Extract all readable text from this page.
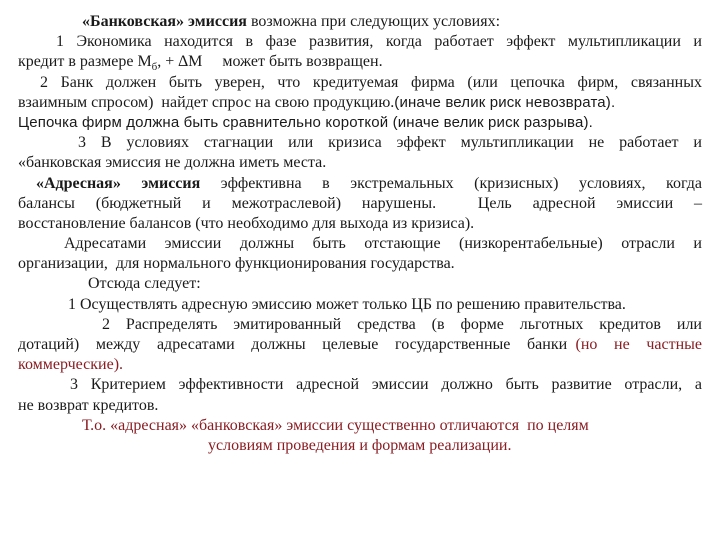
«Банковская» эмиссия возможна при следующих условиях:
1 Экономика находится в фазе развития, когда работает эффект мультипликации и
кредит в размере $М_б$, + ∆М     может быть возвращен.
2 Банк должен быть уверен, что кредитуемая фирма (или цепочка фирм, связанных
взаимным спросом)  найдет спрос на свою продукцию.(иначе велик риск невозврата).
Цепочка фирм должна быть сравнительно короткой (иначе велик риск разрыва).
3 В условиях стагнации или кризиса эффект мультипликации не работает и
«банковская эмиссия не должна иметь места.
«Адресная» эмиссия эффективна в экстремальных (кризисных) условиях, когда
балансы  (бюджетный  и  межотраслевой)  нарушены.    Цель  адресной  эмиссии  –
восстановление балансов (что необходимо для выхода из кризиса).
Адресатами эмиссии должны быть отстающие (низкорентабельные) отрасли и
организации,  для нормального функционирования государства.
Отсюда следует:
1 Осуществлять адресную эмиссию может только ЦБ по решению правительства.
2 Распределять эмитированный средства (в форме льготных кредитов или
дотаций)  между  адресатами  должны  целевые  государственные  банки (но  не  частные
коммерческие).
3 Критерием эффективности адресной эмиссии должно быть развитие отрасли, а
не возврат кредитов.
Т.о. «адресная» «банковская» эмиссии существенно отличаются  по целям
условиям проведения и формам реализации.
